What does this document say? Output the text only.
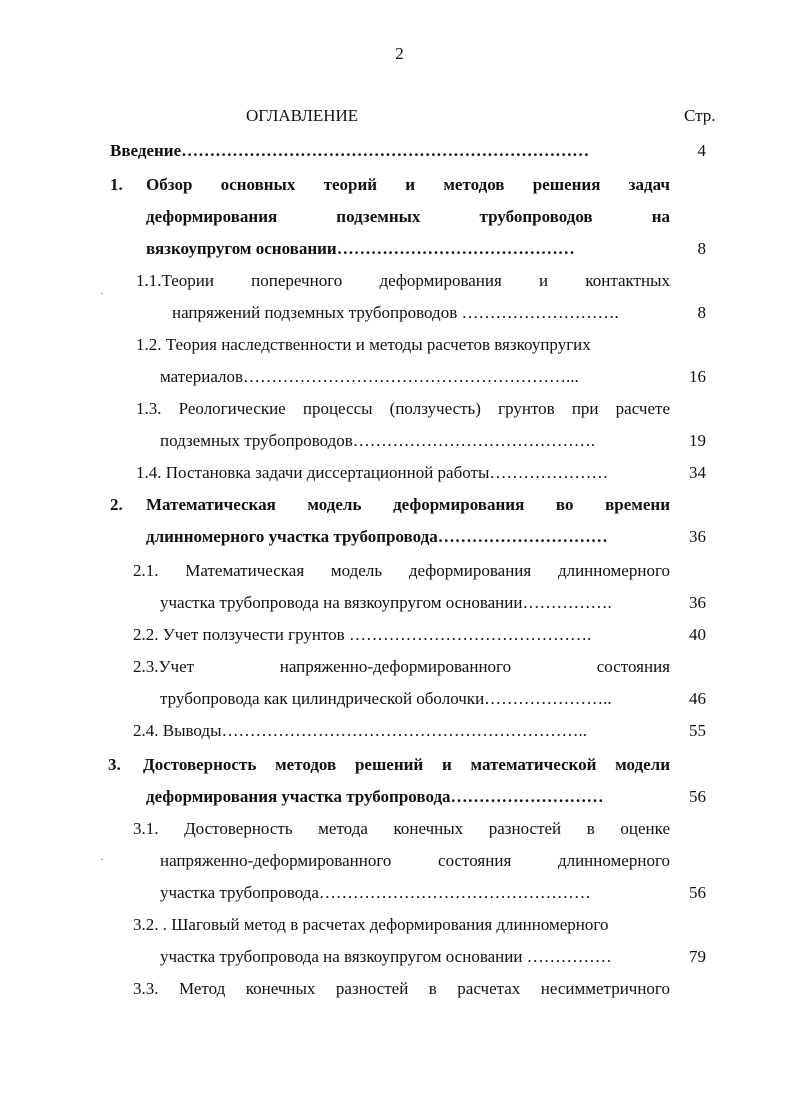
2
ОГЛАВЛЕНИЕ	Стр.
Введение………………………………………………………………	4
1. Обзор основных теорий и методов решения задач
деформирования подземных трубопроводов на
вязкоупругом основании……………………………………	8
1.1.Теории поперечного деформирования и контактных
напряжений подземных трубопроводов ……………………….	8
1.2. Теория наследственности и методы расчетов вязкоупругих
материалов…………………………………………………...	16
1.3. Реологические процессы (ползучесть) грунтов при расчете
подземных трубопроводов…………………………………….	19
1.4. Постановка задачи диссертационной работы…………………	34
2. Математическая модель деформирования во времени
длинномерного участка трубопровода…………………………	36
2.1. Математическая модель деформирования длинномерного
участка трубопровода на вязкоупругом основании…………….	36
2.2. Учет ползучести грунтов …………………………………….	40
2.3.Учет напряженно-деформированного состояния
трубопровода как цилиндрической оболочки…………………..	46
2.4. Выводы………………………………………………………..	55
3. Достоверность методов решений и математической модели
деформирования участка трубопровода………………………	56
3.1. Достоверность метода конечных разностей в оценке
напряженно-деформированного состояния длинномерного
участка трубопровода…………………………………………	56
3.2. . Шаговый метод в расчетах деформирования длинномерного
участка трубопровода на вязкоупругом основании ……………	79
3.3. Метод конечных разностей в расчетах несимметричного
·
·
